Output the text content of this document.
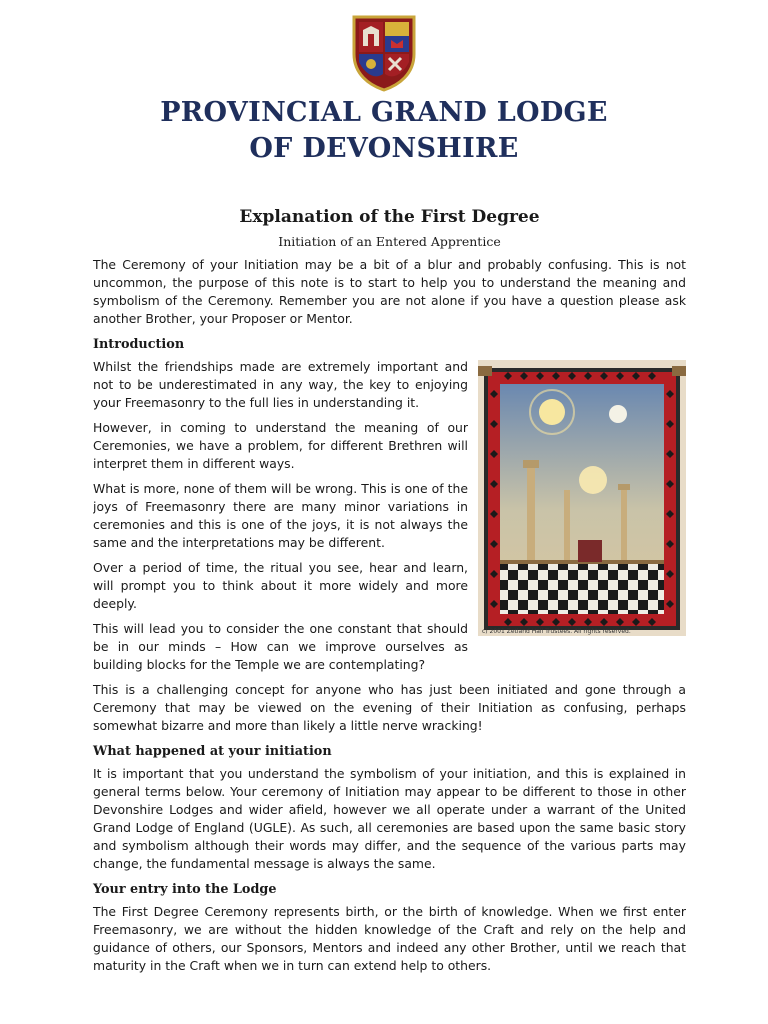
PROVINCIAL GRAND LODGE
OF DEVONSHIRE
Explanation of the First Degree
Initiation of an Entered Apprentice

The Ceremony of your Initiation may be a bit of a blur and probably confusing. This is not uncommon, the purpose of this note is to start to help you to understand the meaning and symbolism of the Ceremony. Remember you are not alone if you have a question please ask another Brother, your Proposer or Mentor.

Introduction
c) 2001 Zetland Hall Trustees. All rights reserved.

Whilst the friendships made are extremely important and not to be underestimated in any way, the key to enjoying your Freemasonry to the full lies in understanding it.

However, in coming to understand the meaning of our Ceremonies, we have a problem, for different Brethren will interpret them in different ways.

What is more, none of them will be wrong. This is one of the joys of Freemasonry there are many minor variations in ceremonies and this is one of the joys, it is not always the same and the interpretations may be different.

Over a period of time, the ritual you see, hear and learn, will prompt you to think about it more widely and more deeply.

This will lead you to consider the one constant that should be in our minds – How can we improve ourselves as building blocks for the Temple we are contemplating?

This is a challenging concept for anyone who has just been initiated and gone through a Ceremony that may be viewed on the evening of their Initiation as confusing, perhaps somewhat bizarre and more than likely a little nerve wracking!

What happened at your initiation

It is important that you understand the symbolism of your initiation, and this is explained in general terms below. Your ceremony of Initiation may appear to be different to those in other Devonshire Lodges and wider afield, however we all operate under a warrant of the United Grand Lodge of England (UGLE). As such, all ceremonies are based upon the same basic story and symbolism although their words may differ, and the sequence of the various parts may change, the fundamental message is always the same.

Your entry into the Lodge

The First Degree Ceremony represents birth, or the birth of knowledge. When we first enter Freemasonry, we are without the hidden knowledge of the Craft and rely on the help and guidance of others, our Sponsors, Mentors and indeed any other Brother, until we reach that maturity in the Craft when we in turn can extend help to others.
